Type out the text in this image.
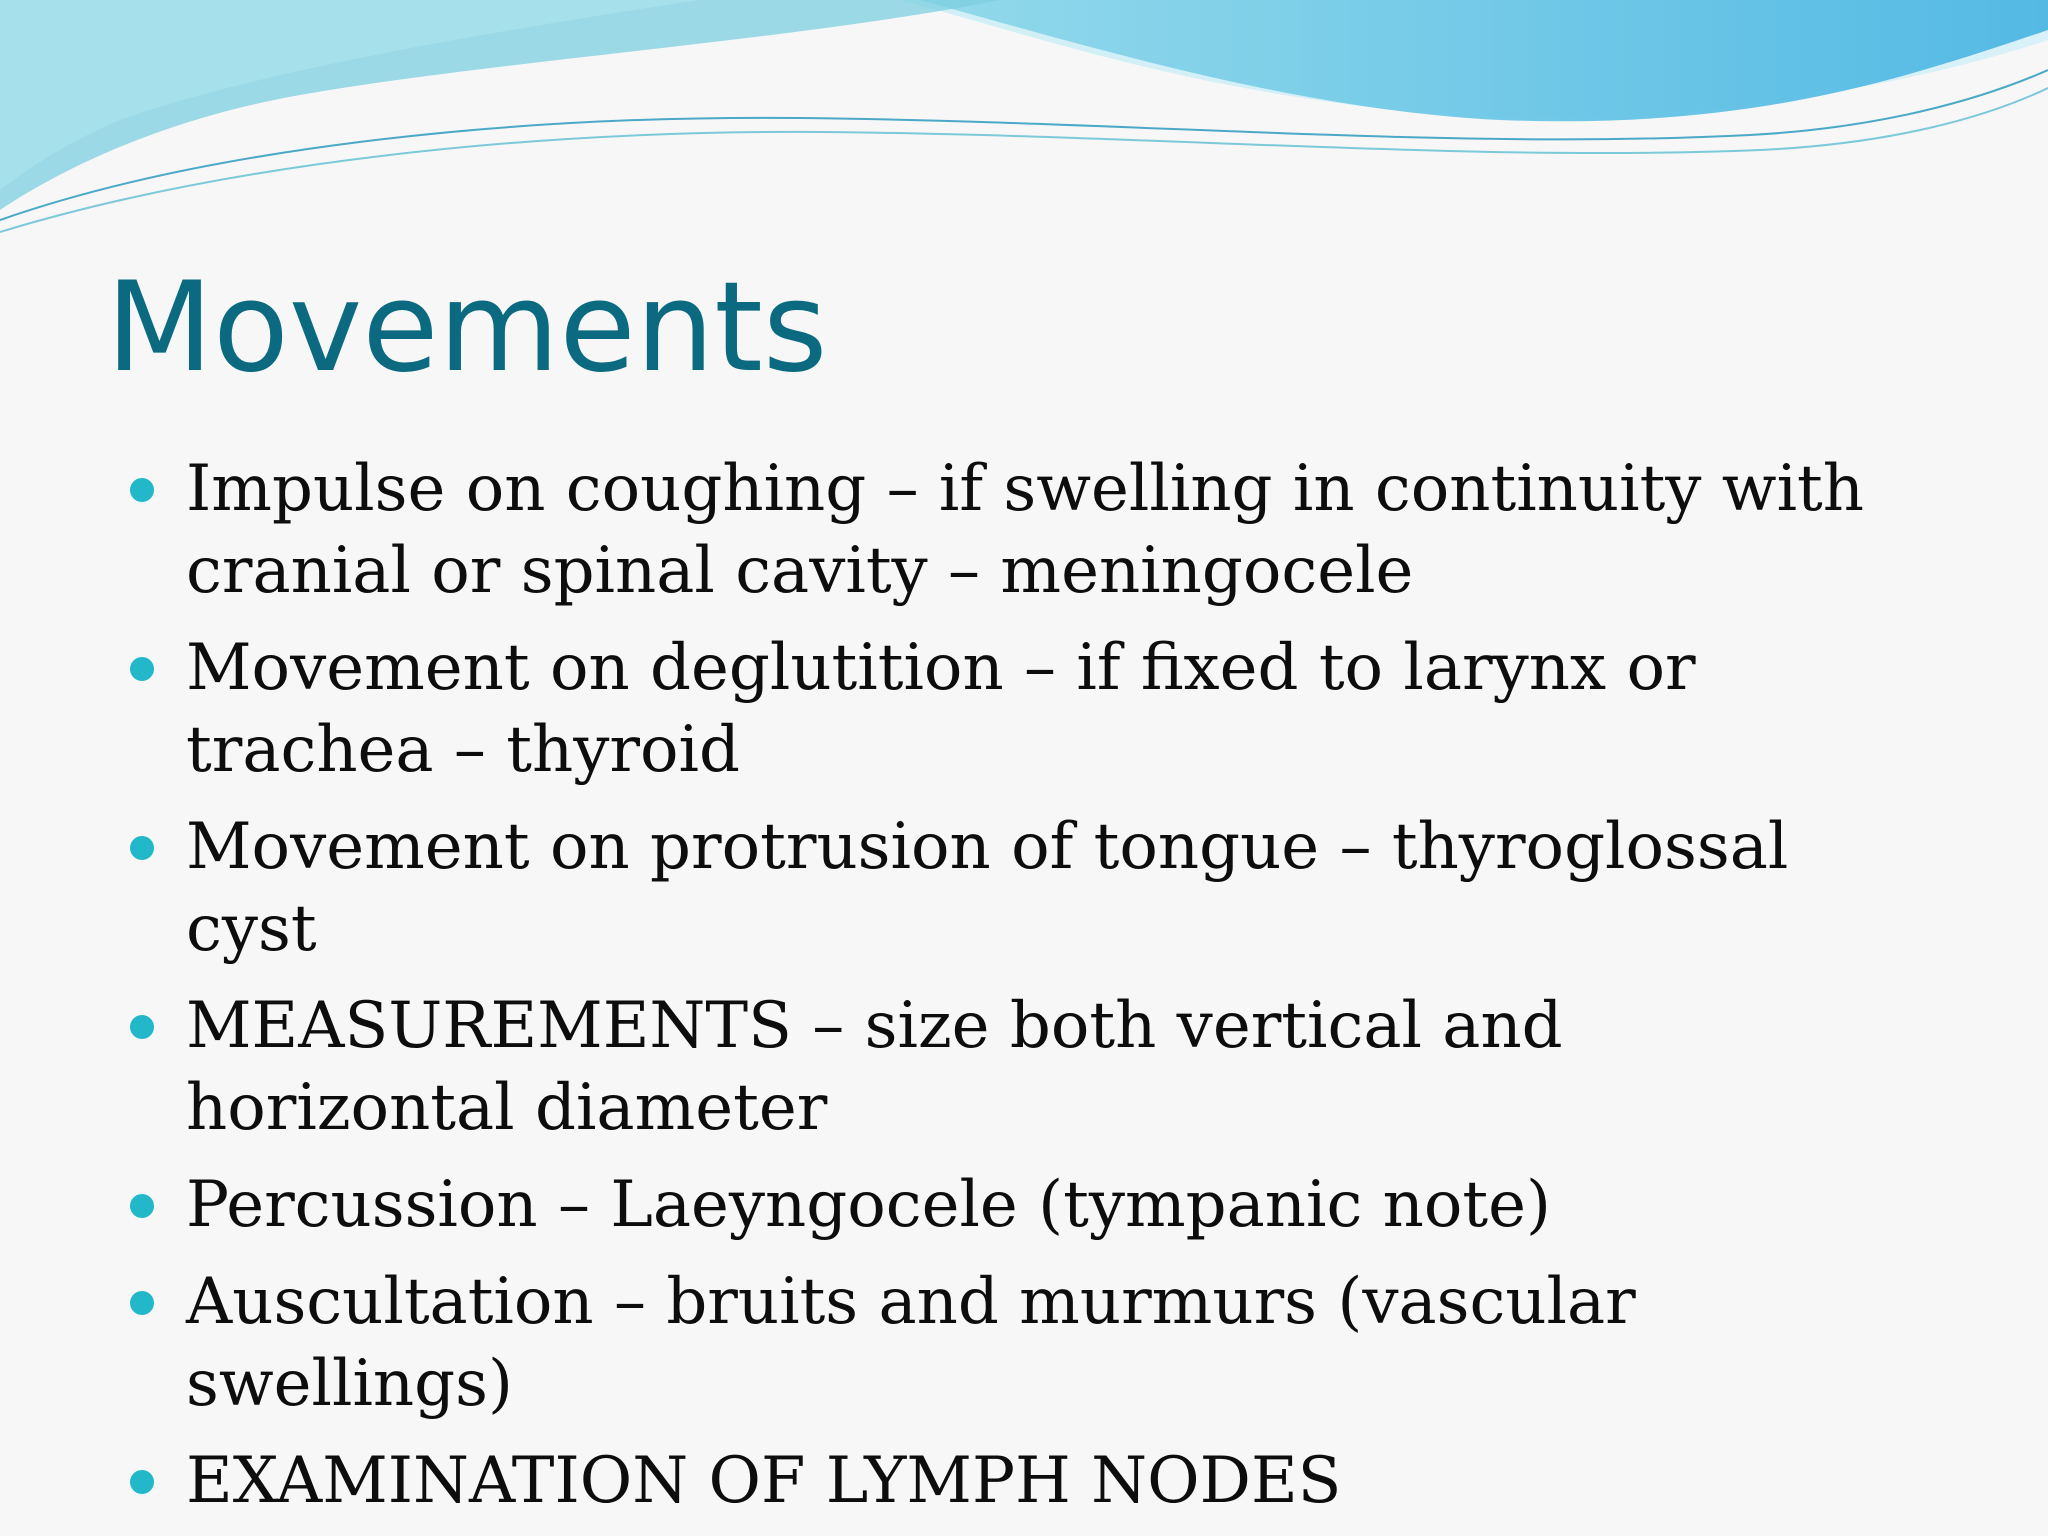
Movements
Impulse on coughing – if swelling in continuity with cranial or spinal cavity – meningocele
Movement on deglutition – if fixed to larynx or trachea – thyroid
Movement on protrusion of tongue – thyroglossal cyst
MEASUREMENTS – size both vertical and horizontal diameter
Percussion – Laeyngocele (tympanic note)
Auscultation – bruits and murmurs (vascular swellings)
EXAMINATION OF LYMPH NODES
